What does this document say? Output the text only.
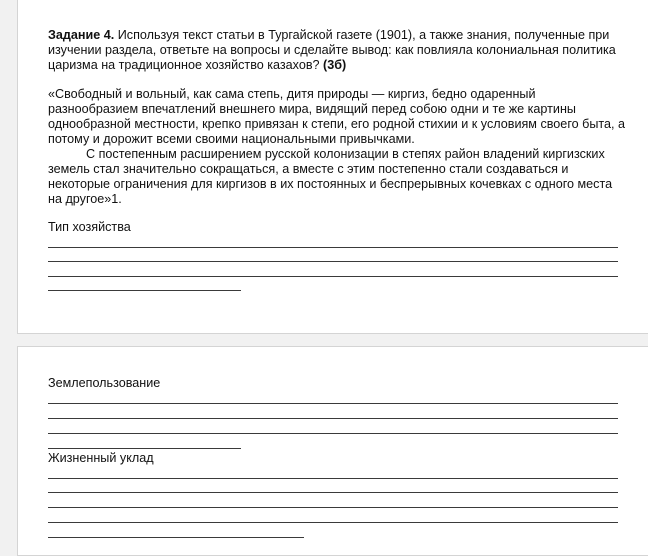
Задание 4. Используя текст статьи в Тургайской газете (1901), а также знания, полученные при изучении раздела, ответьте на вопросы и сделайте вывод: как повлияла колониальная политика царизма на традиционное хозяйство казахов? (3б)

«Свободный и вольный, как сама степь, дитя природы — киргиз, бедно одаренный разнообразием впечатлений внешнего мира, видящий перед собою одни и те же картины однообразной местности, крепко привязан к степи, его родной стихии и к условиям своего быта, а потому и дорожит всеми своими национальными привычками.

С постепенным расширением русской колонизации в степях район владений киргизских земель стал значительно сокращаться, а вместе с этим постепенно стали создаваться и некоторые ограничения для киргизов в их постоянных и беспрерывных кочевках с одного места на другое»1.

Тип хозяйства

Землепользование

Жизненный уклад
